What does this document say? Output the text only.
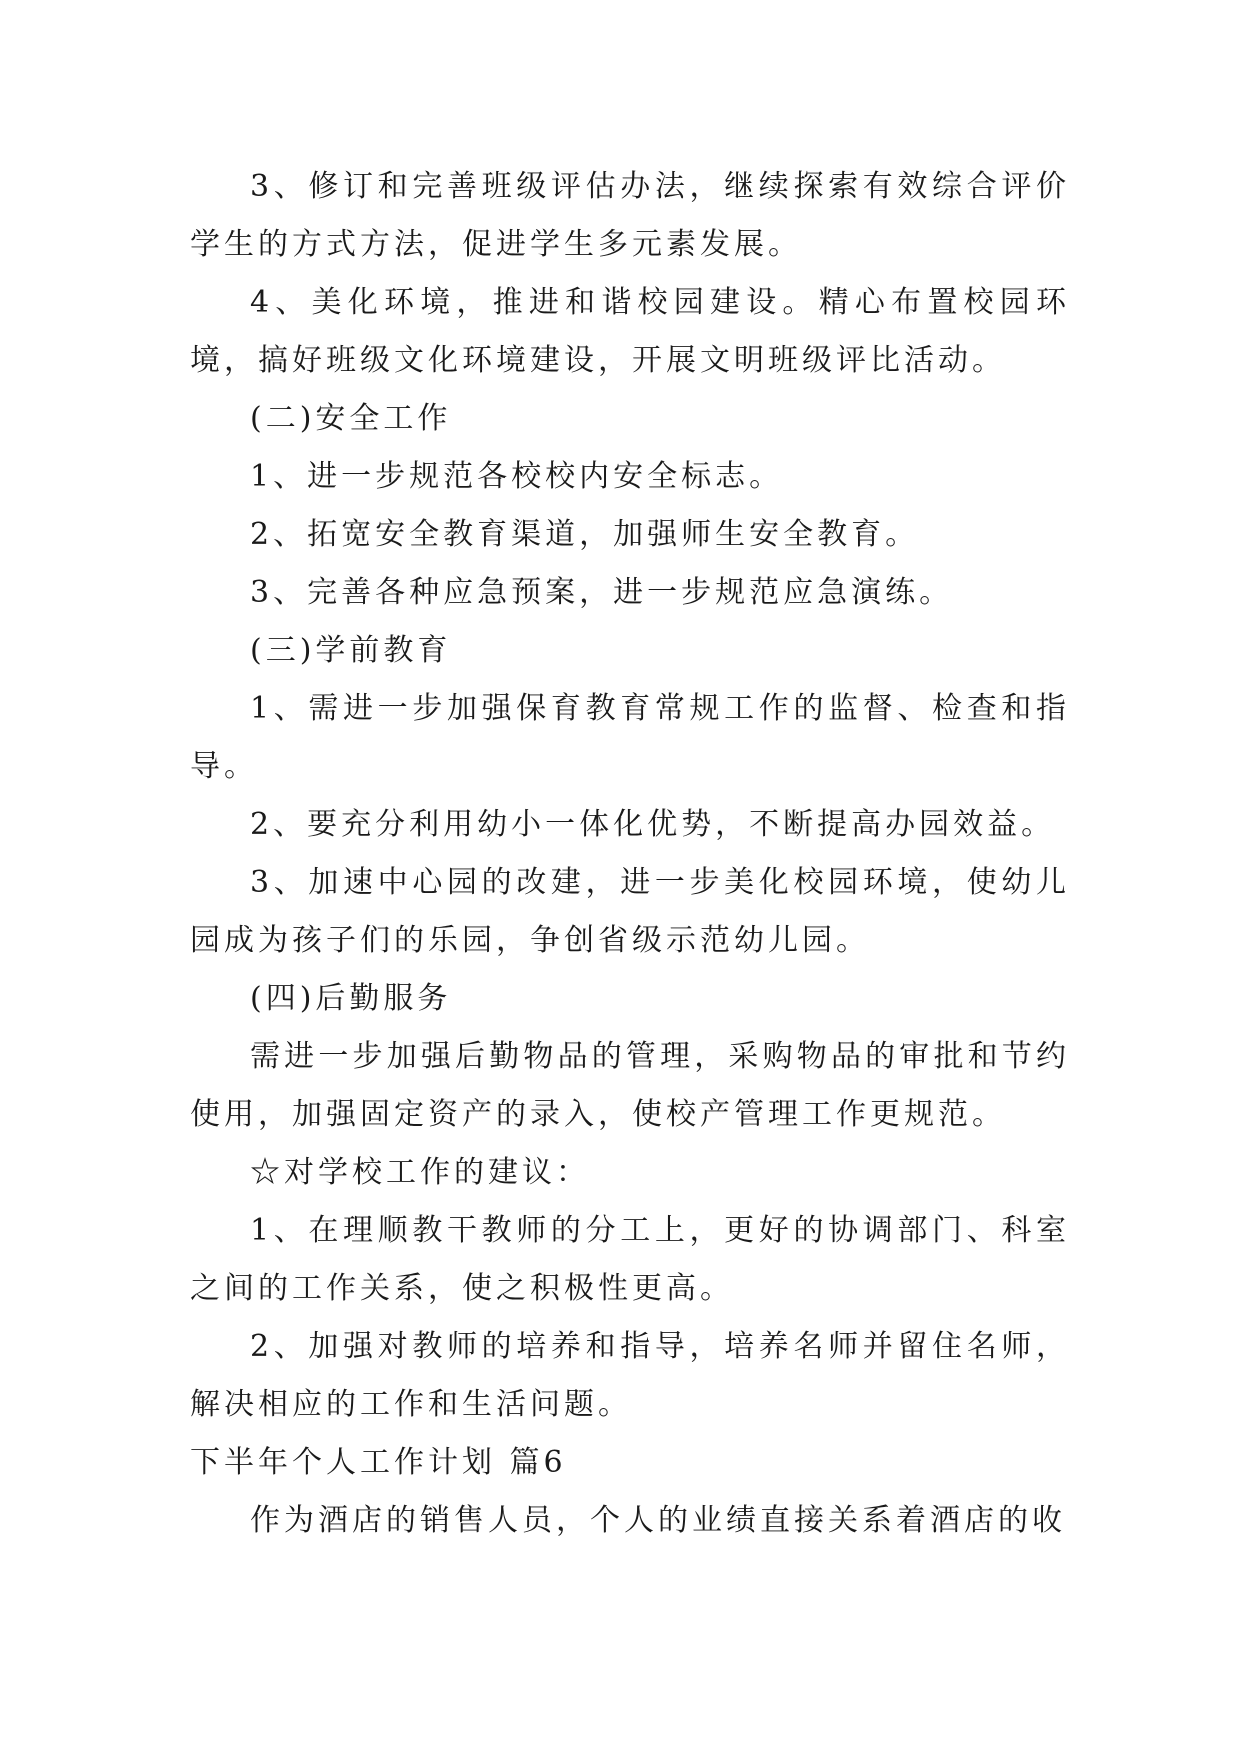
3、修订和完善班级评估办法，继续探索有效综合评价学生的方式方法，促进学生多元素发展。

4、美化环境，推进和谐校园建设。精心布置校园环境，搞好班级文化环境建设，开展文明班级评比活动。

(二)安全工作

1、进一步规范各校校内安全标志。

2、拓宽安全教育渠道，加强师生安全教育。

3、完善各种应急预案，进一步规范应急演练。

(三)学前教育

1、需进一步加强保育教育常规工作的监督、检查和指导。

2、要充分利用幼小一体化优势，不断提高办园效益。

3、加速中心园的改建，进一步美化校园环境，使幼儿园成为孩子们的乐园，争创省级示范幼儿园。

(四)后勤服务

需进一步加强后勤物品的管理，采购物品的审批和节约使用，加强固定资产的录入，使校产管理工作更规范。

☆对学校工作的建议：

1、在理顺教干教师的分工上，更好的协调部门、科室之间的工作关系，使之积极性更高。

2、加强对教师的培养和指导，培养名师并留住名师，解决相应的工作和生活问题。

下半年个人工作计划 篇6

作为酒店的销售人员，个人的业绩直接关系着酒店的收
